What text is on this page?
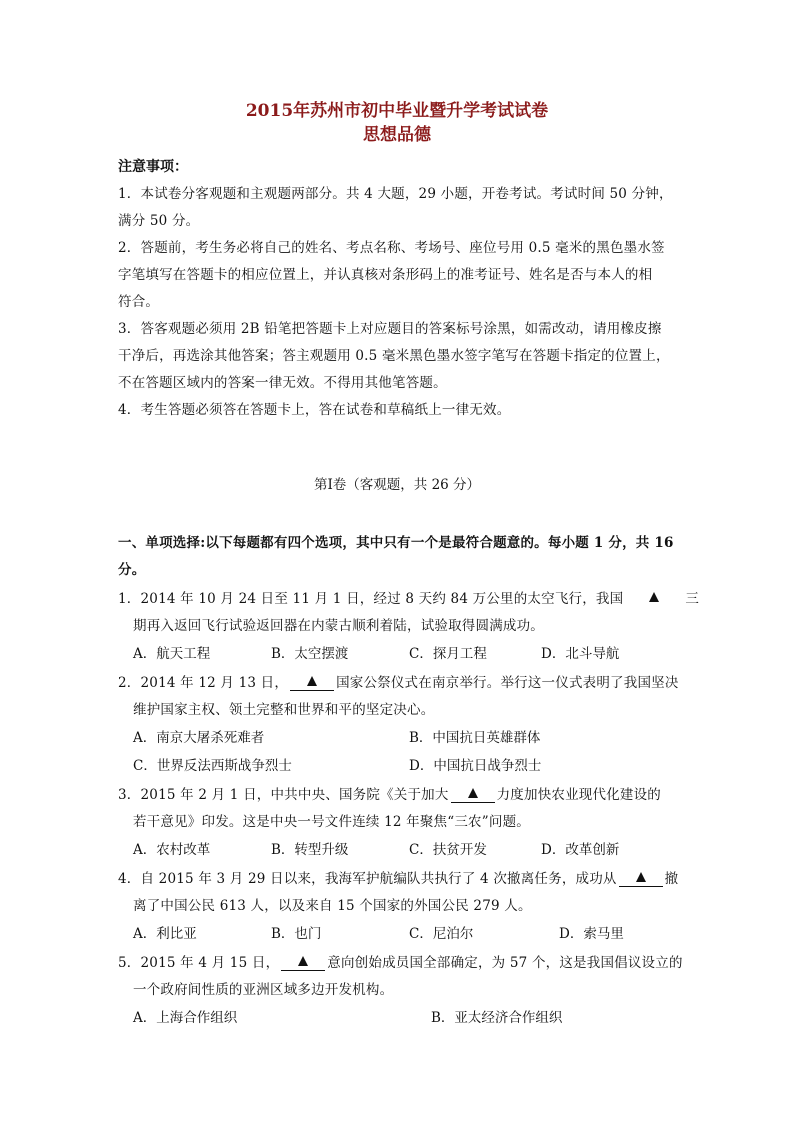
2015年苏州市初中毕业暨升学考试试卷
思想品德
注意事项：
1．本试卷分客观题和主观题两部分。共 4 大题，29 小题，开卷考试。考试时间 50 分钟，
满分 50 分。
2．答题前，考生务必将自己的姓名、考点名称、考场号、座位号用 0.5 毫米的黑色墨水签
字笔填写在答题卡的相应位置上，并认真核对条形码上的准考证号、姓名是否与本人的相
符合。
3．答客观题必须用 2B 铅笔把答题卡上对应题目的答案标号涂黑，如需改动，请用橡皮擦
干净后，再选涂其他答案；答主观题用 0.5 毫米黑色墨水签字笔写在答题卡指定的位置上，
不在答题区域内的答案一律无效。不得用其他笔答题。
4．考生答题必须答在答题卡上，答在试卷和草稿纸上一律无效。
第Ⅰ卷（客观题，共 26 分）
一、单项选择:以下每题都有四个选项，其中只有一个是最符合题意的。每小题 1 分，共 16
分。
1．2014 年 10 月 24 日至 11 月 1 日，经过 8 天约 84 万公里的太空飞行，我国	三
期再入返回飞行试验返回器在内蒙古顺利着陆，试验取得圆满成功。
A．航天工程	B．太空摆渡	C．探月工程	D．北斗导航
2．2014 年 12 月 13 日，	国家公祭仪式在南京举行。举行这一仪式表明了我国坚决
维护国家主权、领土完整和世界和平的坚定决心。
A．南京大屠杀死难者	B．中国抗日英雄群体
C．世界反法西斯战争烈士	D．中国抗日战争烈士
3．2015 年 2 月 1 日，中共中央、国务院《关于加大	力度加快农业现代化建设的
若干意见》印发。这是中央一号文件连续 12 年聚焦“三农”问题。
A．农村改革	B．转型升级	C．扶贫开发	D．改革创新
4．自 2015 年 3 月 29 日以来，我海军护航编队共执行了 4 次撤离任务，成功从	撤
离了中国公民 613 人，以及来自 15 个国家的外国公民 279 人。
A．利比亚	B．也门	C．尼泊尔	D．索马里
5．2015 年 4 月 15 日，	意向创始成员国全部确定，为 57 个，这是我国倡议设立的
一个政府间性质的亚洲区域多边开发机构。
A．上海合作组织	B．亚太经济合作组织
